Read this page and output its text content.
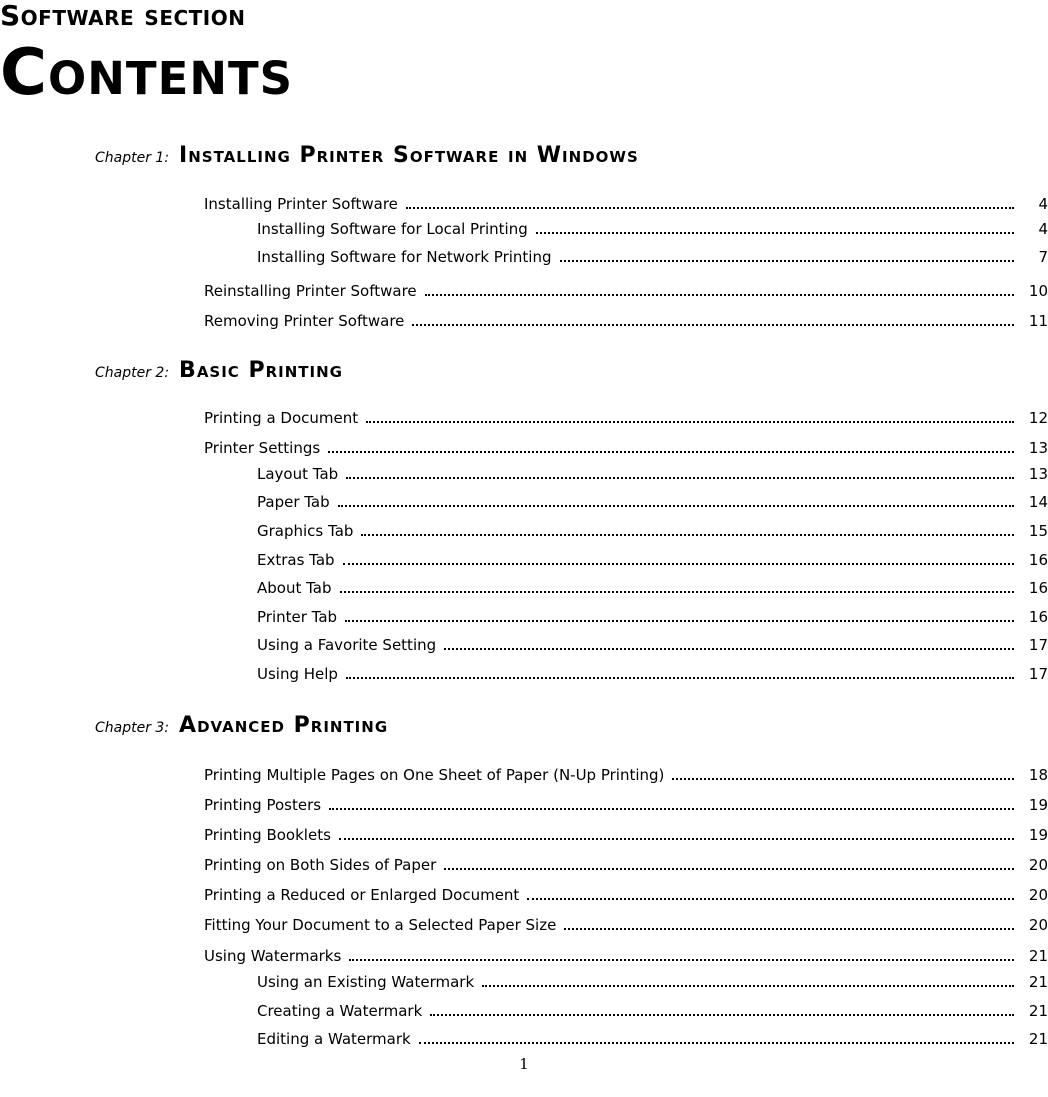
Software section
Contents
Chapter 1: Installing Printer Software in Windows
Installing Printer Software	4
Installing Software for Local Printing	4
Installing Software for Network Printing	7
Reinstalling Printer Software	10
Removing Printer Software	11
Chapter 2: Basic Printing
Printing a Document	12
Printer Settings	13
Layout Tab	13
Paper Tab	14
Graphics Tab	15
Extras Tab	16
About Tab	16
Printer Tab	16
Using a Favorite Setting	17
Using Help	17
Chapter 3: Advanced Printing
Printing Multiple Pages on One Sheet of Paper (N-Up Printing)	18
Printing Posters	19
Printing Booklets	19
Printing on Both Sides of Paper	20
Printing a Reduced or Enlarged Document	20
Fitting Your Document to a Selected Paper Size	20
Using Watermarks	21
Using an Existing Watermark	21
Creating a Watermark	21
Editing a Watermark	21
1
